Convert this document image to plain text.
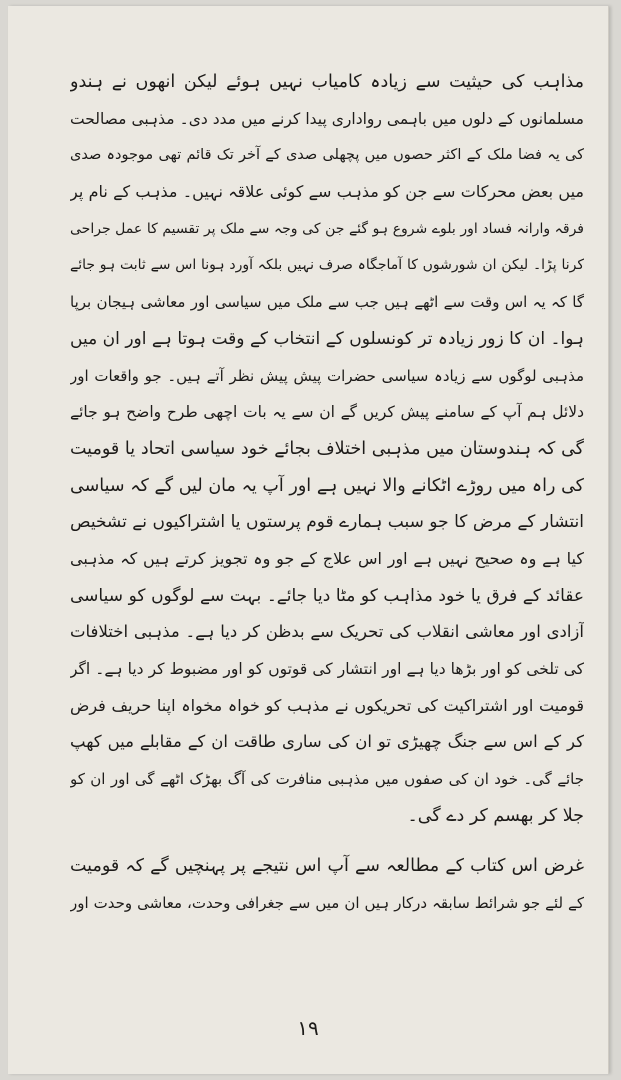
مذاہب کی حیثیت سے زیادہ کامیاب نہیں ہوئے لیکن انھوں نے ہندو
مسلمانوں کے دلوں میں باہمی رواداری پیدا کرنے میں مدد دی۔ مذہبی مصالحت
کی یہ فضا ملک کے اکثر حصوں میں پچھلی صدی کے آخر تک قائم تھی موجودہ صدی
میں بعض محرکات سے جن کو مذہب سے کوئی علاقہ نہیں۔ مذہب کے نام پر
فرقہ وارانہ فساد اور بلوے شروع ہو گئے جن کی وجہ سے ملک پر تقسیم کا عمل جراحی
کرنا پڑا۔ لیکن ان شورشوں کا آماجگاہ صرف نہیں بلکہ آورد ہونا اس سے ثابت ہو جائے
گا کہ یہ اس وقت سے اٹھے ہیں جب سے ملک میں سیاسی اور معاشی ہیجان برپا
ہوا۔ ان کا زور زیادہ تر کونسلوں کے انتخاب کے وقت ہوتا ہے اور ان میں
مذہبی لوگوں سے زیادہ سیاسی حضرات پیش پیش نظر آتے ہیں۔ جو واقعات اور
دلائل ہم آپ کے سامنے پیش کریں گے ان سے یہ بات اچھی طرح واضح ہو جائے
گی کہ ہندوستان میں مذہبی اختلاف بجائے خود سیاسی اتحاد یا قومیت
کی راہ میں روڑے اٹکانے والا نہیں ہے اور آپ یہ مان لیں گے کہ سیاسی
انتشار کے مرض کا جو سبب ہمارے قوم پرستوں یا اشتراکیوں نے تشخیص
کیا ہے وہ صحیح نہیں ہے اور اس علاج کے جو وہ تجویز کرتے ہیں کہ مذہبی
عقائد کے فرق یا خود مذاہب کو مٹا دیا جائے۔ بہت سے لوگوں کو سیاسی
آزادی اور معاشی انقلاب کی تحریک سے بدظن کر دیا ہے۔ مذہبی اختلافات
کی تلخی کو اور بڑھا دیا ہے اور انتشار کی قوتوں کو اور مضبوط کر دیا ہے۔ اگر
قومیت اور اشتراکیت کی تحریکوں نے مذہب کو خواہ مخواہ اپنا حریف فرض
کر کے اس سے جنگ چھیڑی تو ان کی ساری طاقت ان کے مقابلے میں کھپ
جائے گی۔ خود ان کی صفوں میں مذہبی منافرت کی آگ بھڑک اٹھے گی اور ان کو
جلا کر بھسم کر دے گی۔
غرض اس کتاب کے مطالعہ سے آپ اس نتیجے پر پہنچیں گے کہ قومیت
کے لئے جو شرائط سابقہ درکار ہیں ان میں سے جغرافی وحدت، معاشی وحدت اور
۱۹
